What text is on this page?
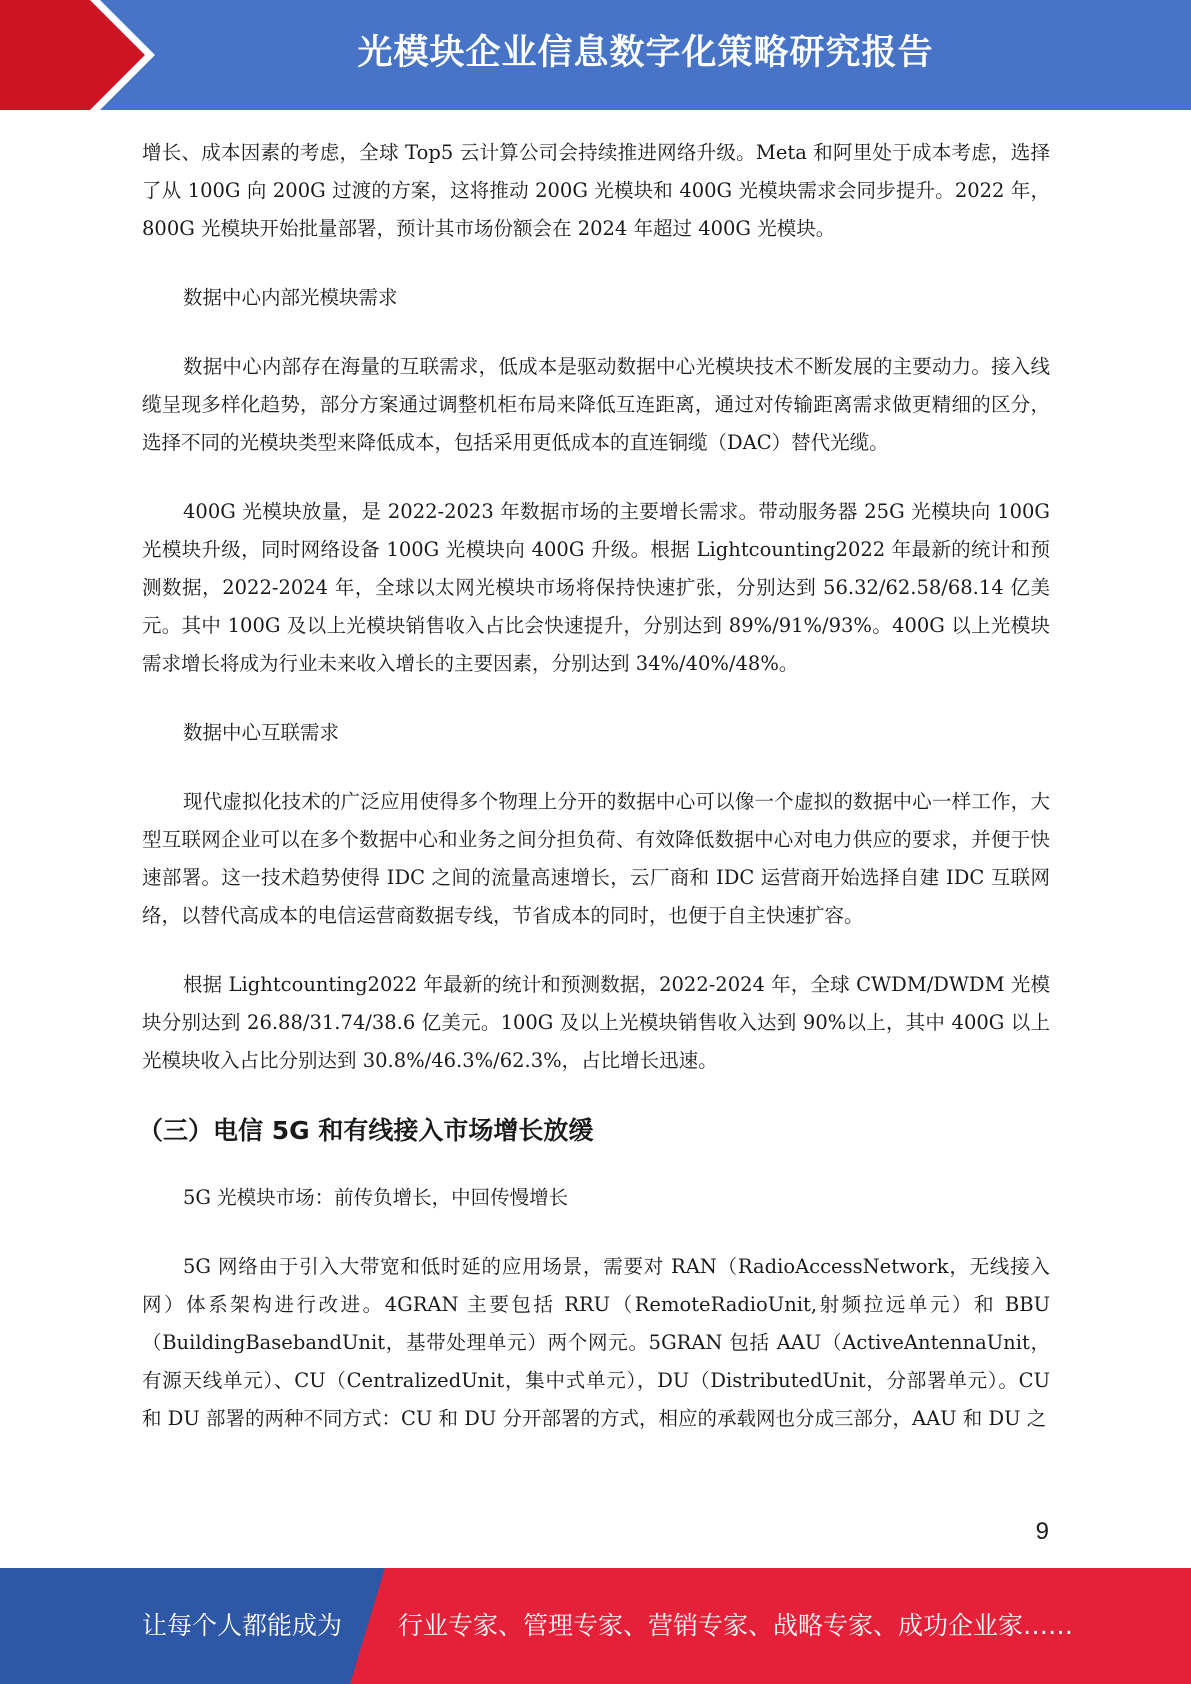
光模块企业信息数字化策略研究报告

增长、成本因素的考虑，全球 Top5 云计算公司会持续推进网络升级。Meta 和阿里处于成本考虑，选择了从 100G 向 200G 过渡的方案，这将推动 200G 光模块和 400G 光模块需求会同步提升。2022 年，800G 光模块开始批量部署，预计其市场份额会在 2024 年超过 400G 光模块。

数据中心内部光模块需求

数据中心内部存在海量的互联需求，低成本是驱动数据中心光模块技术不断发展的主要动力。接入线缆呈现多样化趋势，部分方案通过调整机柜布局来降低互连距离，通过对传输距离需求做更精细的区分，选择不同的光模块类型来降低成本，包括采用更低成本的直连铜缆（DAC）替代光缆。

400G 光模块放量，是 2022-2023 年数据市场的主要增长需求。带动服务器 25G 光模块向 100G 光模块升级，同时网络设备 100G 光模块向 400G 升级。根据 Lightcounting2022 年最新的统计和预测数据，2022-2024 年，全球以太网光模块市场将保持快速扩张，分别达到 56.32/62.58/68.14 亿美元。其中 100G 及以上光模块销售收入占比会快速提升，分别达到 89%/91%/93%。400G 以上光模块需求增长将成为行业未来收入增长的主要因素，分别达到 34%/40%/48%。

数据中心互联需求

现代虚拟化技术的广泛应用使得多个物理上分开的数据中心可以像一个虚拟的数据中心一样工作，大型互联网企业可以在多个数据中心和业务之间分担负荷、有效降低数据中心对电力供应的要求，并便于快速部署。这一技术趋势使得 IDC 之间的流量高速增长，云厂商和 IDC 运营商开始选择自建 IDC 互联网络，以替代高成本的电信运营商数据专线，节省成本的同时，也便于自主快速扩容。

根据 Lightcounting2022 年最新的统计和预测数据，2022-2024 年，全球 CWDM/DWDM 光模块分别达到 26.88/31.74/38.6 亿美元。100G 及以上光模块销售收入达到 90%以上，其中 400G 以上光模块收入占比分别达到 30.8%/46.3%/62.3%，占比增长迅速。

（三）电信 5G 和有线接入市场增长放缓

5G 光模块市场：前传负增长，中回传慢增长

5G 网络由于引入大带宽和低时延的应用场景，需要对 RAN（RadioAccessNetwork，无线接入网）体系架构进行改进。4GRAN 主要包括 RRU（RemoteRadioUnit,射频拉远单元）和 BBU（BuildingBasebandUnit，基带处理单元）两个网元。5GRAN 包括 AAU（ActiveAntennaUnit，有源天线单元）、CU（CentralizedUnit，集中式单元），DU（DistributedUnit，分部署单元）。CU 和 DU 部署的两种不同方式：CU 和 DU 分开部署的方式，相应的承载网也分成三部分，AAU 和 DU 之

9
让每个人都能成为 行业专家、管理专家、营销专家、战略专家、成功企业家……
